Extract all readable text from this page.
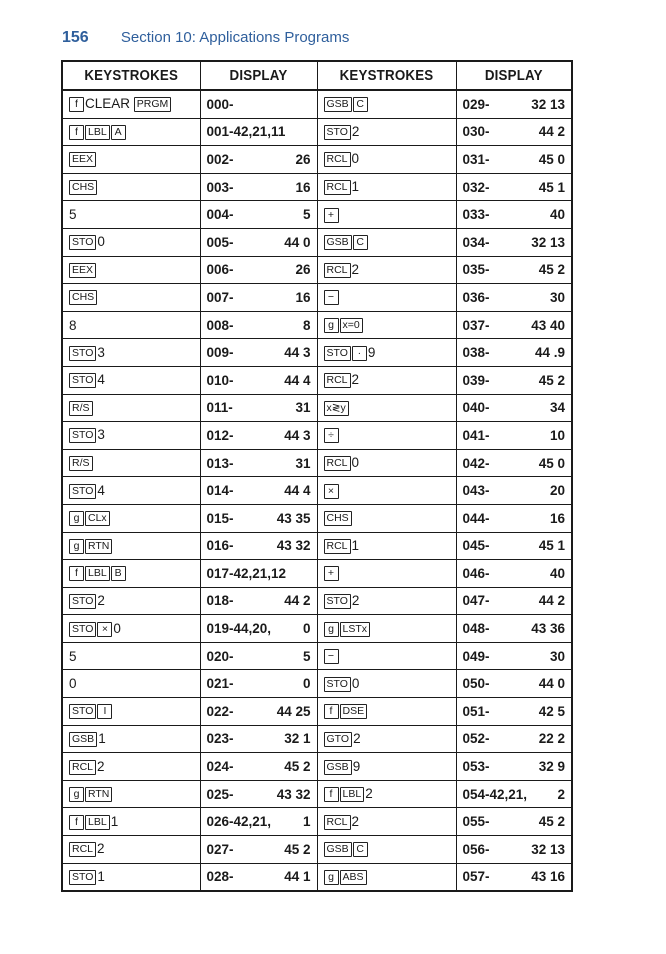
156 Section 10: Applications Programs
KEYSTROKES	DISPLAY	KEYSTROKES	DISPLAY
f CLEAR PRGM	000-	GSB C	029- 32 13

f LBL A	001-42,21,11	STO 2	030- 44 2

EEX	002- 26	RCL 0	031- 45 0

CHS	003- 16	RCL 1	032- 45 1

5	004- 5	+	033- 40

STO 0	005- 44 0	GSB C	034- 32 13

EEX	006- 26	RCL 2	035- 45 2

CHS	007- 16	−	036- 30

8	008- 8	g x=0	037- 43 40

STO 3	009- 44 3	STO · 9	038- 44 .9

STO 4	010- 44 4	RCL 2	039- 45 2

R/S	011- 31	x≷y	040- 34

STO 3	012- 44 3	÷	041- 10

R/S	013- 31	RCL 0	042- 45 0

STO 4	014- 44 4	×	043- 20

g CLx	015- 43 35	CHS	044- 16

g RTN	016- 43 32	RCL 1	045- 45 1

f LBL B	017-42,21,12	+	046- 40

STO 2	018- 44 2	STO 2	047- 44 2

STO × 0	019-44,20, 0	g LSTx	048- 43 36

5	020- 5	−	049- 30

0	021- 0	STO 0	050- 44 0

STO I	022- 44 25	f DSE	051- 42 5

GSB 1	023- 32 1	GTO 2	052- 22 2

RCL 2	024- 45 2	GSB 9	053- 32 9

g RTN	025- 43 32	f LBL 2	054-42,21, 2

f LBL 1	026-42,21, 1	RCL 2	055- 45 2

RCL 2	027- 45 2	GSB C	056- 32 13

STO 1	028- 44 1	g ABS	057- 43 16
